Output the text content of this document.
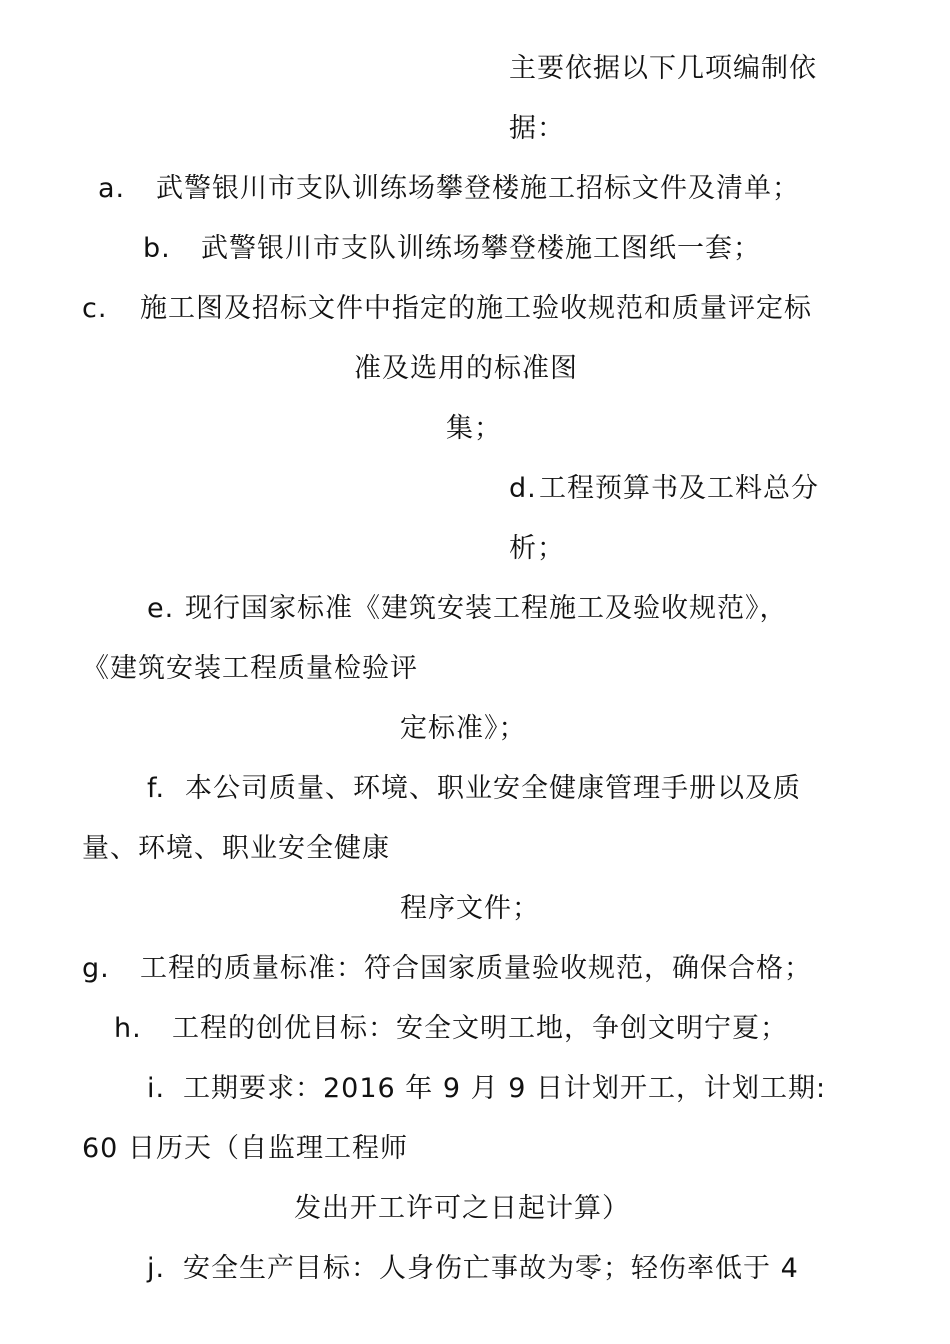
主要依据以下几项编制依
据：
a. 武警银川市支队训练场攀登楼施工招标文件及清单；
b. 武警银川市支队训练场攀登楼施工图纸一套；
c. 施工图及招标文件中指定的施工验收规范和质量评定标
准及选用的标准图
集；
d.工程预算书及工料总分
析；
e. 现行国家标准《建筑安装工程施工及验收规范》，
《建筑安装工程质量检验评
定标准》；
f. 本公司质量、环境、职业安全健康管理手册以及质
量、环境、职业安全健康
程序文件；
g. 工程的质量标准：符合国家质量验收规范，确保合格；
h. 工程的创优目标：安全文明工地，争创文明宁夏；
i. 工期要求：2016 年 9 月 9 日计划开工，计划工期:
60 日历天（自监理工程师
发出开工许可之日起计算）
j. 安全生产目标：人身伤亡事故为零；轻伤率低于 4
